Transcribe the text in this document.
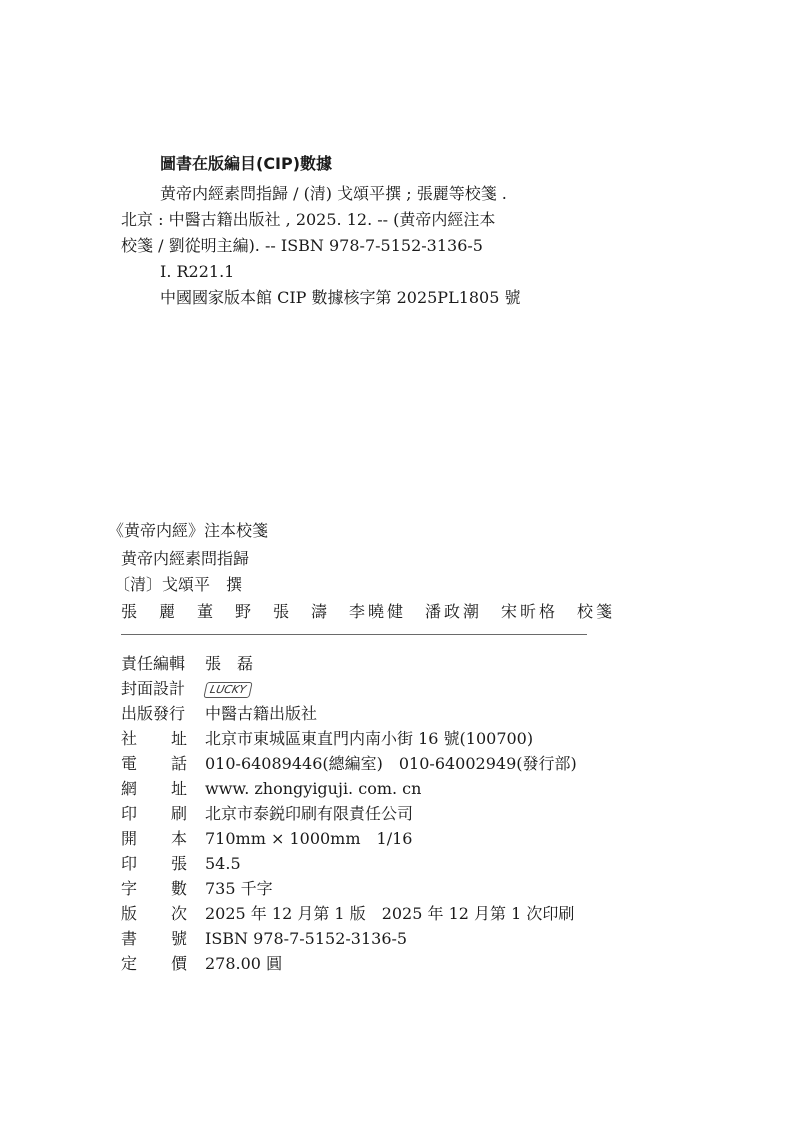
圖書在版編目(CIP)數據
黄帝内經素問指歸 / (清) 戈頌平撰 ; 張麗等校箋 .
北京 : 中醫古籍出版社 , 2025. 12. -- (黄帝内經注本
校箋 / 劉從明主編). -- ISBN 978-7-5152-3136-5
Ⅰ. R221.1
中國國家版本館 CIP 數據核字第 2025PL1805 號
《黄帝内經》注本校箋
黄帝内經素問指歸
〔清〕戈頌平　撰
張　麗　董　野　張　濤　李曉健　潘政潮　宋昕格　校箋
責任編輯	張　磊
封面設計	LUCKY
出版發行	中醫古籍出版社
社 址 北京市東城區東直門内南小街 16 號(100700)
電 話 010-64089446(總編室)　010-64002949(發行部)
網 址 www. zhongyiguji. com. cn
印 刷 北京市泰鋭印刷有限責任公司
開 本 710mm × 1000mm　1/16
印 張 54.5
字 數 735 千字
版 次 2025 年 12 月第 1 版　2025 年 12 月第 1 次印刷
書 號 ISBN 978-7-5152-3136-5
定 價 278.00 圓
